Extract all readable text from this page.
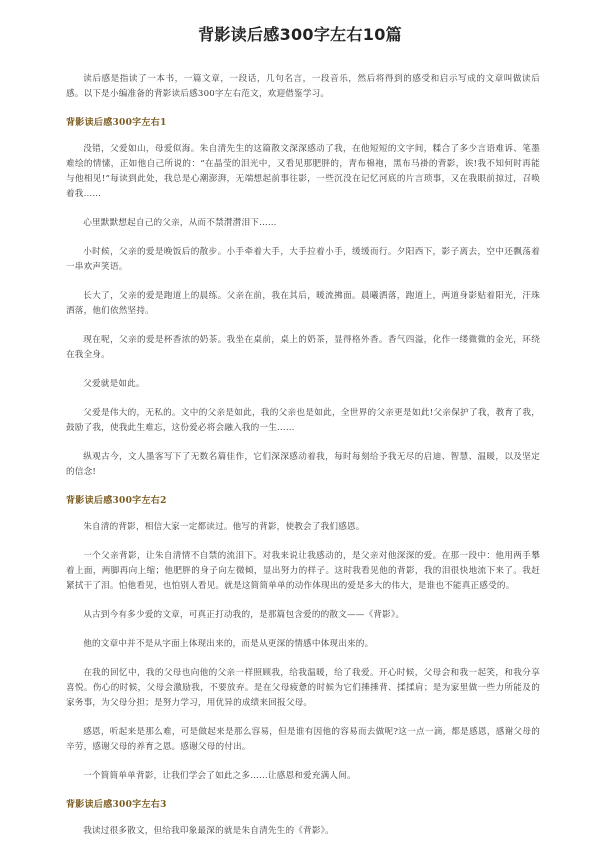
背影读后感300字左右10篇

读后感是指读了一本书，一篇文章，一段话，几句名言，一段音乐，然后将得到的感受和启示写成的文章叫做读后感。以下是小编准备的背影读后感300字左右范文，欢迎借鉴学习。

背影读后感300字左右1

没错，父爱如山，母爱似海。朱自清先生的这篇散文深深感动了我，在他短短的文字间，糅合了多少言语难诉、笔墨难绘的情愫，正如他自己所说的：“在晶莹的泪光中，又看见那肥胖的，青布棉袍，黑布马褂的背影，诶!我不知何时再能与他相见!”每读到此处，我总是心潮澎湃，无端想起前事往影，一些沉没在记忆河底的片言琐事，又在我眼前掠过，召唤着我……

心里默默想起自己的父亲，从而不禁潸潸泪下……

小时候，父亲的爱是晚饭后的散步。小手牵着大手，大手拉着小手，缓缓而行。夕阳西下，影子离去，空中还飘荡着一串欢声笑语。

长大了，父亲的爱是跑道上的晨练。父亲在前，我在其后，暖流拂面。晨曦洒落，跑道上，两道身影贴着阳光，汗珠洒落，他们依然坚持。

现在呢，父亲的爱是杯香浓的奶茶。我坐在桌前，桌上的奶茶，显得格外香。香气四溢，化作一缕微微的金光，环绕在我全身。

父爱就是如此。

父爱是伟大的，无私的。文中的父亲是如此，我的父亲也是如此，全世界的父亲更是如此!父亲保护了我，教育了我，鼓励了我，使我此生难忘，这份爱必将会融入我的一生……

纵观古今，文人墨客写下了无数名篇佳作，它们深深感动着我，每时每刻给予我无尽的启迪、智慧、温暖，以及坚定的信念!

背影读后感300字左右2

朱自清的背影，相信大家一定都读过。他写的背影，使教会了我们感恩。

一个父亲背影，让朱自清情不自禁的流泪下。对我来说让我感动的，是父亲对他深深的爱。在那一段中：他用两手攀着上面，两脚再向上缩；他肥胖的身子向左微倾，显出努力的样子。这时我看见他的背影，我的泪很快地流下来了。我赶紧拭干了泪。怕他看见，也怕别人看见。就是这简简单单的动作体现出的爱是多大的伟大，是谁也不能真正感受的。

从古到今有多少爱的文章，可真正打动我的，是那篇包含爱的的散文——《背影》。

他的文章中并不是从字面上体现出来的，而是从更深的情感中体现出来的。

在我的回忆中，我的父母也向他的父亲一样照顾我，给我温暖，给了我爱。开心时候，父母会和我一起笑，和我分享喜悦。伤心的时候，父母会激励我，不要放弃。是在父母疲惫的时候为它们捶捶背、揉揉肩；是为家里做一些力所能及的家务事，为父母分担；是努力学习，用优异的成绩来回报父母。

感恩，听起来是那么难，可是做起来是那么容易，但是谁有因他的容易而去做呢?这一点一滴，都是感恩，感谢父母的辛劳，感谢父母的养育之恩。感谢父母的付出。

一个简简单单背影，让我们学会了如此之多……让感恩和爱充满人间。

背影读后感300字左右3

我读过很多散文，但给我印象最深的就是朱自清先生的《背影》。
